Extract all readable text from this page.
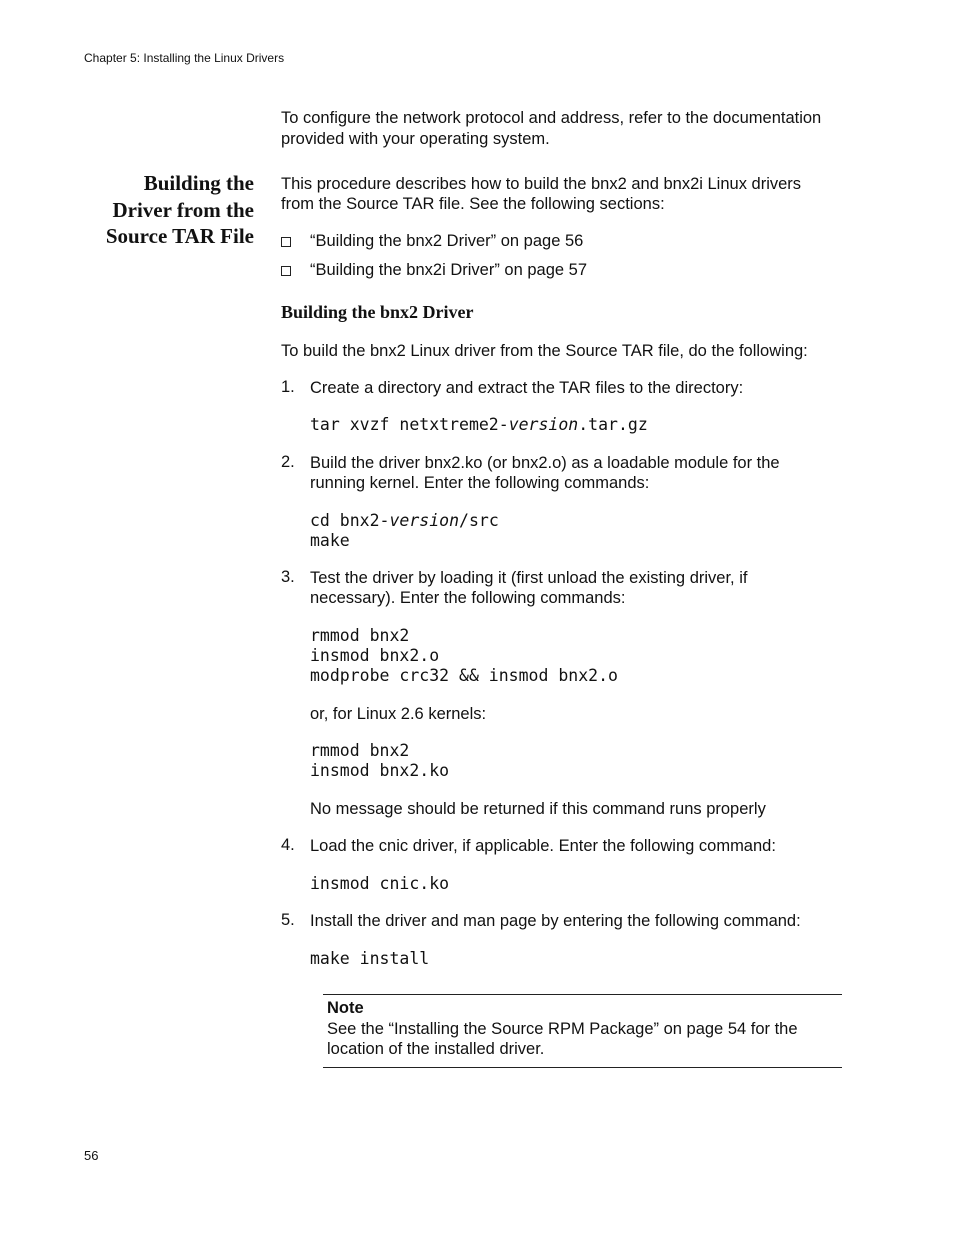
Chapter 5: Installing the Linux Drivers
To configure the network protocol and address, refer to the documentation
provided with your operating system.
Building the
Driver from the
Source TAR File
This procedure describes how to build the bnx2 and bnx2i Linux drivers
from the Source TAR file. See the following sections:
“Building the bnx2 Driver” on page 56
“Building the bnx2i Driver” on page 57
Building the bnx2 Driver
To build the bnx2 Linux driver from the Source TAR file, do the following:
1. Create a directory and extract the TAR files to the directory:
tar xvzf netxtreme2-version.tar.gz
2. Build the driver bnx2.ko (or bnx2.o) as a loadable module for the
running kernel. Enter the following commands:
cd bnx2-version/src
make
3. Test the driver by loading it (first unload the existing driver, if
necessary). Enter the following commands:
rmmod bnx2
insmod bnx2.o
modprobe crc32 && insmod bnx2.o
or, for Linux 2.6 kernels:
rmmod bnx2
insmod bnx2.ko
No message should be returned if this command runs properly
4. Load the cnic driver, if applicable. Enter the following command:
insmod cnic.ko
5. Install the driver and man page by entering the following command:
make install
Note
See the “Installing the Source RPM Package” on page 54 for the
location of the installed driver.
56
